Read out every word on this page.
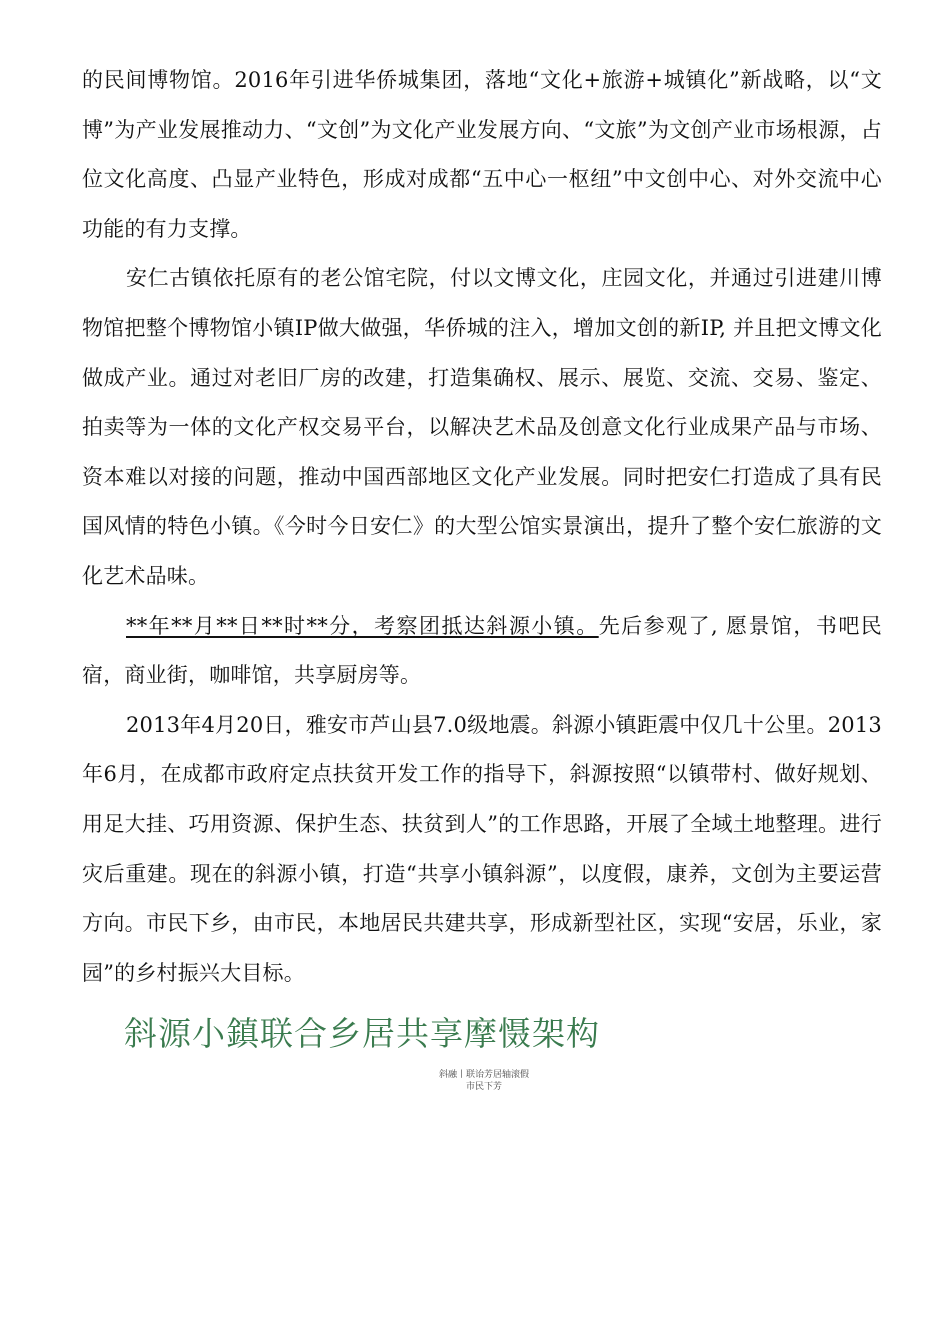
的民间博物馆。2016年引进华侨城集团，落地“文化+旅游+城镇化”新战略，以“文博”为产业发展推动力、“文创”为文化产业发展方向、“文旅”为文创产业市场根源，占位文化高度、凸显产业特色，形成对成都“五中心一枢纽”中文创中心、对外交流中心功能的有力支撑。

安仁古镇依托原有的老公馆宅院，付以文博文化，庄园文化，并通过引进建川博物馆把整个博物馆小镇IP做大做强，华侨城的注入，增加文创的新IP, 并且把文博文化做成产业。通过对老旧厂房的改建，打造集确权、展示、展览、交流、交易、鉴定、拍卖等为一体的文化产权交易平台，以解决艺术品及创意文化行业成果产品与市场、资本难以对接的问题，推动中国西部地区文化产业发展。同时把安仁打造成了具有民国风情的特色小镇。《今时今日安仁》的大型公馆实景演出，提升了整个安仁旅游的文化艺术品味。

**年**月**日**时**分，考察团抵达斜源小镇。先后参观了, 愿景馆，书吧民宿，商业街，咖啡馆，共享厨房等。

2013年4月20日，雅安市芦山县7.0级地震。斜源小镇距震中仅几十公里。2013年6月，在成都市政府定点扶贫开发工作的指导下，斜源按照“以镇带村、做好规划、用足大挂、巧用资源、保护生态、扶贫到人”的工作思路，开展了全域土地整理。进行灾后重建。现在的斜源小镇，打造“共享小镇斜源”，以度假，康养，文创为主要运营方向。市民下乡，由市民，本地居民共建共享，形成新型社区，实现“安居，乐业，家园”的乡村振兴大目标。

斜源小鎮联合乡居共享摩慑架构
斜融丨联诒芳居轴滚假
市民下芳
